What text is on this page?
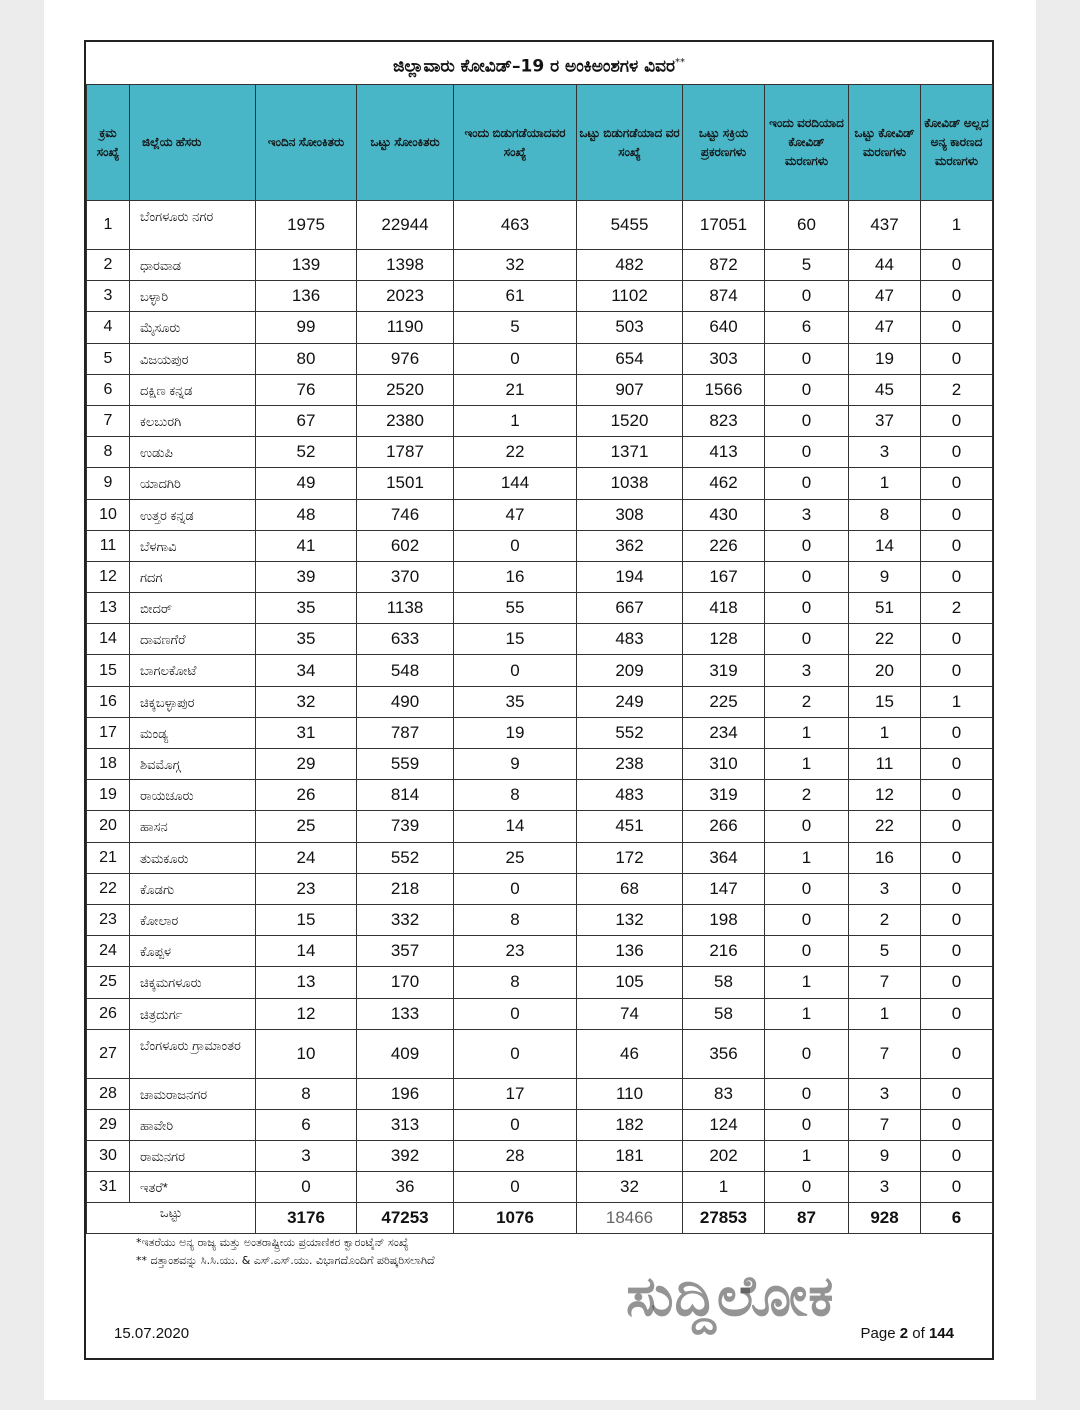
ಜಿಲ್ಲಾವಾರು ಕೋವಿಡ್–19 ರ ಅಂಕಿಅಂಶಗಳ ವಿವರ**
ಕ್ರಮ ಸಂಖ್ಯೆ	ಜಿಲ್ಲೆಯ ಹೆಸರು	ಇಂದಿನ ಸೋಂಕಿತರು	ಒಟ್ಟು ಸೋಂಕಿತರು	ಇಂದು ಬಿಡುಗಡೆಯಾದವರ ಸಂಖ್ಯೆ	ಒಟ್ಟು ಬಿಡುಗಡೆಯಾದ ವರ ಸಂಖ್ಯೆ	ಒಟ್ಟು ಸಕ್ರಿಯ ಪ್ರಕರಣಗಳು	ಇಂದು ವರದಿಯಾದ ಕೋವಿಡ್ ಮರಣಗಳು	ಒಟ್ಟು ಕೋವಿಡ್ ಮರಣಗಳು	ಕೋವಿಡ್ ಅಲ್ಲದ ಅನ್ಯ ಕಾರಣದ ಮರಣಗಳು
1	ಬೆಂಗಳೂರು ನಗರ	1975	22944	463	5455	17051	60	437	1
2	ಧಾರವಾಡ	139	1398	32	482	872	5	44	0
3	ಬಳ್ಳಾರಿ	136	2023	61	1102	874	0	47	0
4	ಮೈಸೂರು	99	1190	5	503	640	6	47	0
5	ವಿಜಯಪುರ	80	976	0	654	303	0	19	0
6	ದಕ್ಷಿಣ ಕನ್ನಡ	76	2520	21	907	1566	0	45	2
7	ಕಲಬುರಗಿ	67	2380	1	1520	823	0	37	0
8	ಉಡುಪಿ	52	1787	22	1371	413	0	3	0
9	ಯಾದಗಿರಿ	49	1501	144	1038	462	0	1	0
10	ಉತ್ತರ ಕನ್ನಡ	48	746	47	308	430	3	8	0
11	ಬೆಳಗಾವಿ	41	602	0	362	226	0	14	0
12	ಗದಗ	39	370	16	194	167	0	9	0
13	ಬೀದರ್	35	1138	55	667	418	0	51	2
14	ದಾವಣಗೆರೆ	35	633	15	483	128	0	22	0
15	ಬಾಗಲಕೋಟೆ	34	548	0	209	319	3	20	0
16	ಚಿಕ್ಕಬಳ್ಳಾಪುರ	32	490	35	249	225	2	15	1
17	ಮಂಡ್ಯ	31	787	19	552	234	1	1	0
18	ಶಿವಮೊಗ್ಗ	29	559	9	238	310	1	11	0
19	ರಾಯಚೂರು	26	814	8	483	319	2	12	0
20	ಹಾಸನ	25	739	14	451	266	0	22	0
21	ತುಮಕೂರು	24	552	25	172	364	1	16	0
22	ಕೊಡಗು	23	218	0	68	147	0	3	0
23	ಕೋಲಾರ	15	332	8	132	198	0	2	0
24	ಕೊಪ್ಪಳ	14	357	23	136	216	0	5	0
25	ಚಿಕ್ಕಮಗಳೂರು	13	170	8	105	58	1	7	0
26	ಚಿತ್ರದುರ್ಗ	12	133	0	74	58	1	1	0
27	ಬೆಂಗಳೂರು ಗ್ರಾಮಾಂತರ	10	409	0	46	356	0	7	0
28	ಚಾಮರಾಜನಗರ	8	196	17	110	83	0	3	0
29	ಹಾವೇರಿ	6	313	0	182	124	0	7	0
30	ರಾಮನಗರ	3	392	28	181	202	1	9	0
31	ಇತರೆ*	0	36	0	32	1	0	3	0
ಒಟ್ಟು		3176	47253	1076	18466	27853	87	928	6
*ಇತರೆಯು ಅನ್ಯ ರಾಜ್ಯ ಮತ್ತು ಅಂತರಾಷ್ಟ್ರೀಯ ಪ್ರಯಾಣಿಕರ ಕ್ವಾರಂಟೈನ್ ಸಂಖ್ಯೆ
** ದತ್ತಾಂಶವನ್ನು ಸಿ.ಸಿ.ಯು. & ಎಸ್.ಎಸ್.ಯು. ವಿಭಾಗದೊಂದಿಗೆ ಪರಿಷ್ಕರಿಸಲಾಗಿದೆ
ಸುದ್ದಿಲೋಕ
15.07.2020	Page 2 of 144
